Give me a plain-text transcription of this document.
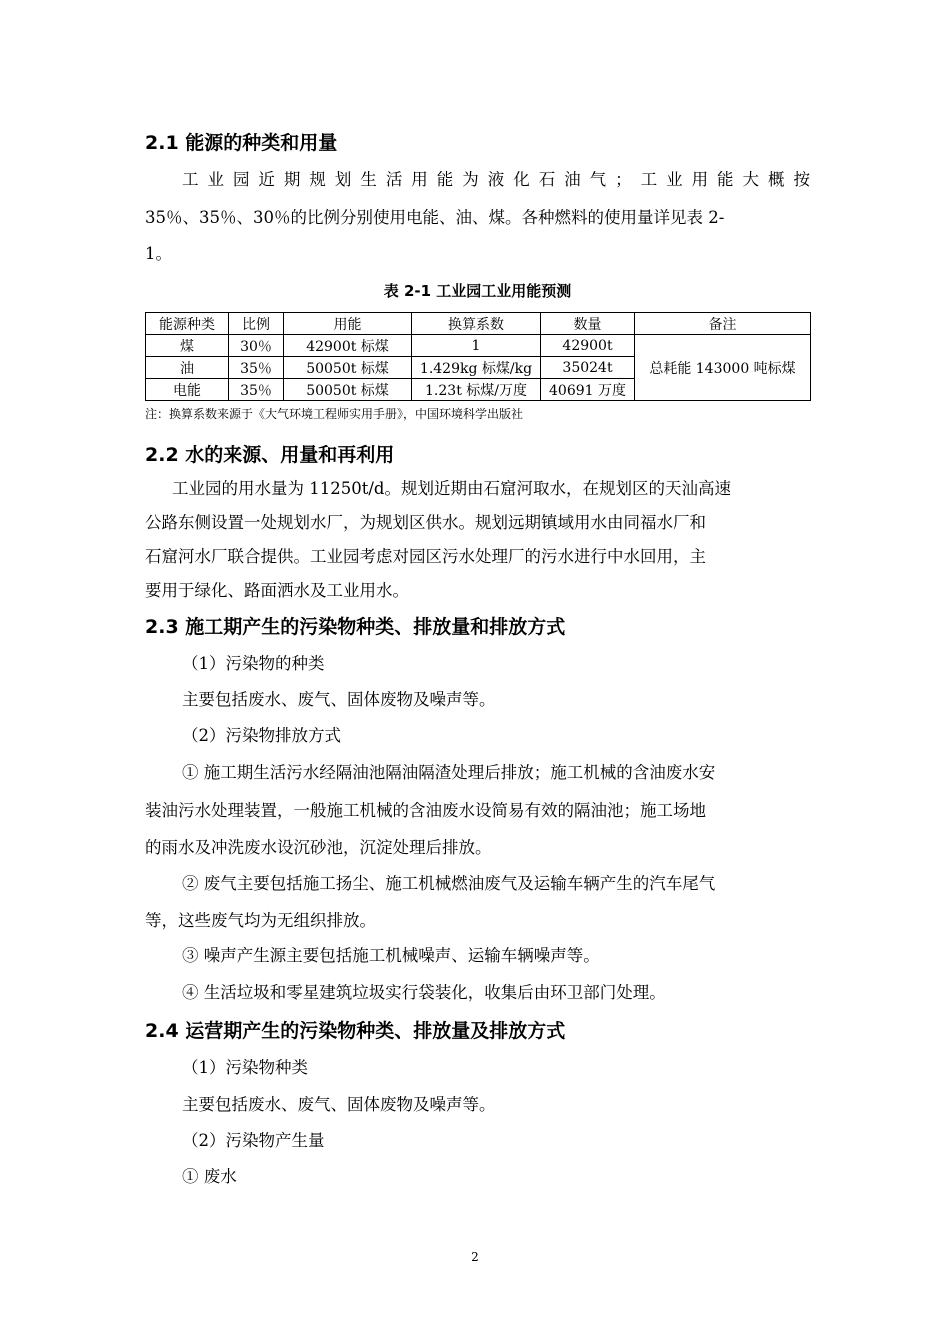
2.1 能源的种类和用量
工业园近期规划生活用能为液化石油气；工业用能大概按
35％、35％、30％的比例分别使用电能、油、煤。各种燃料的使用量详见表 2-
1。
表 2-1 工业园工业用能预测
能源种类	比例	用能	换算系数	数量	备注
煤	30％	42900t 标煤	1	42900t	总耗能 143000 吨标煤
油	35％	50050t 标煤	1.429kg 标煤/kg	35024t	
电能	35％	50050t 标煤	1.23t 标煤/万度	40691 万度	
注：换算系数来源于《大气环境工程师实用手册》，中国环境科学出版社
2.2 水的来源、用量和再利用
工业园的用水量为 11250t/d。规划近期由石窟河取水，在规划区的天汕高速
公路东侧设置一处规划水厂，为规划区供水。规划远期镇域用水由同福水厂和
石窟河水厂联合提供。工业园考虑对园区污水处理厂的污水进行中水回用，主
要用于绿化、路面洒水及工业用水。
2.3 施工期产生的污染物种类、排放量和排放方式
（1）污染物的种类
主要包括废水、废气、固体废物及噪声等。
（2）污染物排放方式
① 施工期生活污水经隔油池隔油隔渣处理后排放；施工机械的含油废水安
装油污水处理装置，一般施工机械的含油废水设简易有效的隔油池；施工场地
的雨水及冲洗废水设沉砂池，沉淀处理后排放。
② 废气主要包括施工扬尘、施工机械燃油废气及运输车辆产生的汽车尾气
等，这些废气均为无组织排放。
③ 噪声产生源主要包括施工机械噪声、运输车辆噪声等。
④ 生活垃圾和零星建筑垃圾实行袋装化，收集后由环卫部门处理。
2.4 运营期产生的污染物种类、排放量及排放方式
（1）污染物种类
主要包括废水、废气、固体废物及噪声等。
（2）污染物产生量
① 废水
2
